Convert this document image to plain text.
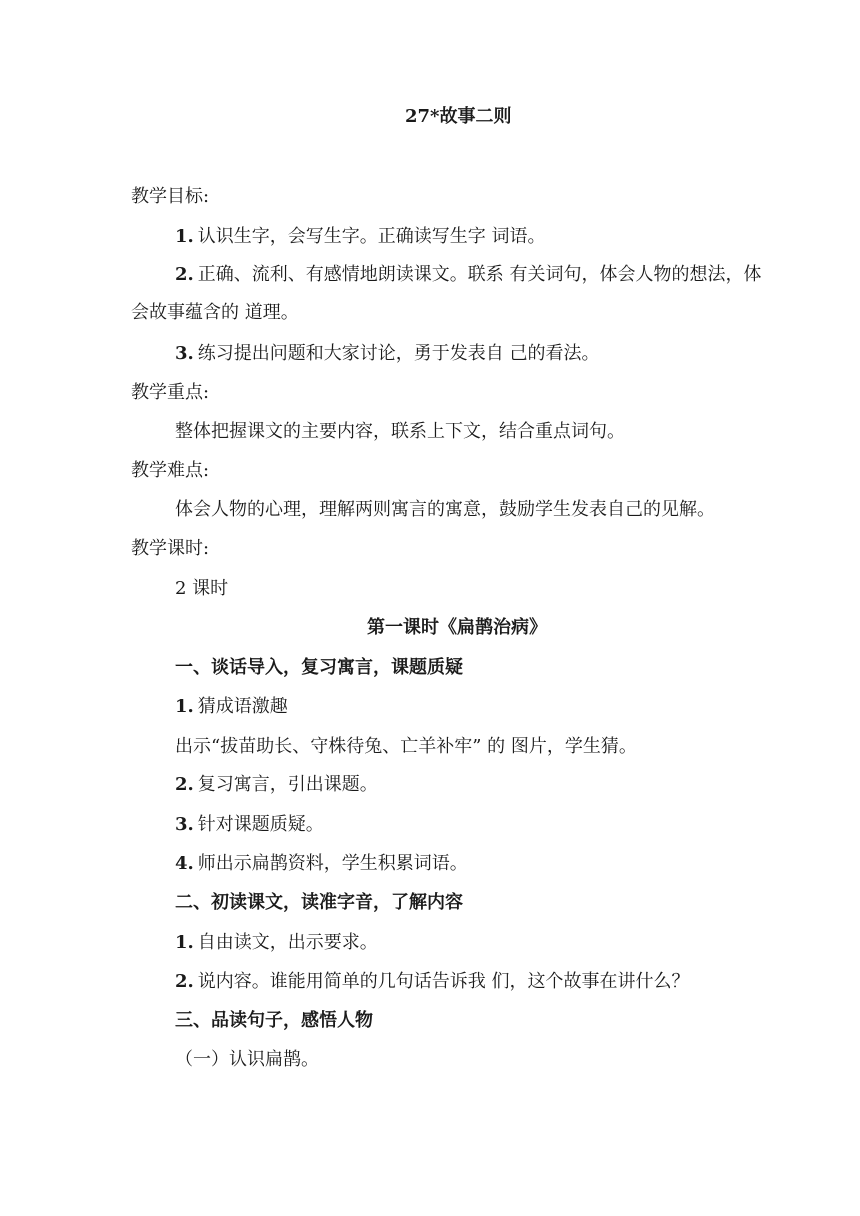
27*故事二则
教学目标:
1. 认识生字，会写生字。正确读写生字 词语。
2. 正确、流利、有感情地朗读课文。联系 有关词句，体会人物的想法，体
会故事蕴含的 道理。
3. 练习提出问题和大家讨论，勇于发表自 己的看法。
教学重点:
整体把握课文的主要内容，联系上下文，结合重点词句。
教学难点:
体会人物的心理，理解两则寓言的寓意，鼓励学生发表自己的见解。
教学课时:
2 课时
第一课时《扁鹊治病》
一、谈话导入，复习寓言，课题质疑
1. 猜成语激趣
出示“拔苗助长、守株待兔、亡羊补牢” 的 图片，学生猜。
2. 复习寓言，引出课题。
3. 针对课题质疑。
4. 师出示扁鹊资料，学生积累词语。
二、初读课文，读准字音，了解内容
1. 自由读文，出示要求。
2. 说内容。谁能用简单的几句话告诉我 们，这个故事在讲什么？
三、品读句子，感悟人物
（一）认识扁鹊。
